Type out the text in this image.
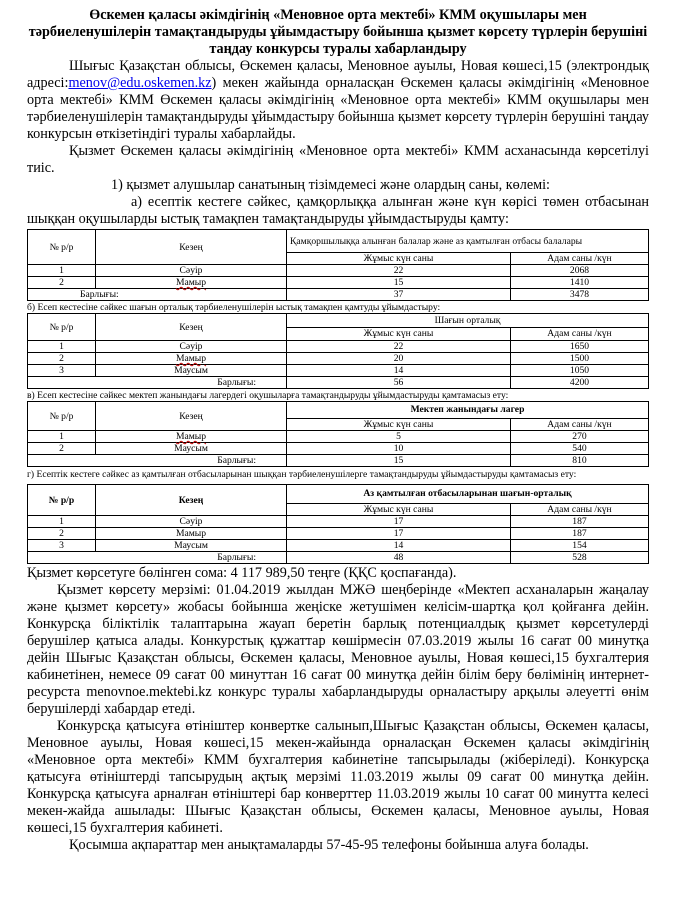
Өскемен қаласы әкімдігінің «Меновное орта мектебі» КММ оқушылары мен тәрбиеленушілерін тамақтандыруды ұйымдастыру бойынша қызмет көрсету түрлерін берушіні таңдау конкурсы туралы хабарландыру

Шығыс Қазақстан облысы, Өскемен қаласы, Меновное ауылы, Новая көшесі,15 (электрондық адресі:menov@edu.oskemen.kz) мекен жайында орналасқан Өскемен қаласы әкімдігінің «Меновное орта мектебі» КММ Өскемен қаласы әкімдігінің «Меновное орта мектебі» КММ оқушылары мен тәрбиеленушілерін тамақтандыруды ұйымдастыру бойынша қызмет көрсету түрлерін берушіні таңдау конкурсын өткізетіндігі туралы хабарлайды.

Қызмет Өскемен қаласы әкімдігінің «Меновное орта мектебі» КММ асханасында көрсетілуі тиіс.

1) қызмет алушылар санатының тізімдемесі және олардың саны, көлемі:

а) есептік кестеге сәйкес, қамқорлыққа алынған және күн көрісі төмен отбасынан шыққан оқушыларды ыстық тамақпен тамақтандыруды ұйымдастыруды қамту:

№ р/р	Кезең	Қамқоршылыққа алынған балалар және аз қамтылған отбасы балалары	
		Жұмыс күн саны	Адам саны /күн
1	Сәуір	22	2068
2	Мамыр	15	1410
Барлығы:		37	3478
б) Есеп кестесіне сәйкес шағын орталық тәрбиеленушілерін ыстық тамақпен қамтуды ұйымдастыру:
№ р/р	Кезең	Шағын орталық	
		Жұмыс күн саны	Адам саны /күн
1	Сәуір	22	1650
2	Мамыр	20	1500
3	Маусым	14	1050
Барлығы:		56	4200
в) Есеп кестесіне сәйкес мектеп жанындағы лагердегі оқушыларға тамақтандыруды ұйымдастыруды қамтамасыз ету:
№ р/р	Кезең	Мектеп жанындағы лагер	
		Жұмыс күн саны	Адам саны /күн
1	Мамыр	5	270
2	Маусым	10	540
Барлығы:		15	810
г) Есептік кестеге сәйкес аз қамтылған отбасыларынан шыққан тәрбиеленушілерге тамақтандыруды ұйымдастыруды қамтамасыз ету:
№ р/р	Кезең	Аз қамтылған отбасыларынан шағын-орталық	
		Жұмыс күн саны	Адам саны /күн
1	Сәуір	17	187
2	Мамыр	17	187
3	Маусым	14	154
Барлығы:		48	528

Қызмет көрсетуге бөлінген сома: 4 117 989,50 теңге (ҚҚС қоспағанда).

Қызмет көрсету мерзімі: 01.04.2019 жылдан МЖӘ шеңберінде «Мектеп асханаларын жаңалау және қызмет көрсету» жобасы бойынша жеңіске жетушімен келісім-шартқа қол қойғанға дейін. Конкурсқа біліктілік талаптарына жауап беретін барлық потенциалдық қызмет көрсетулерді берушілер қатыса алады. Конкурстық құжаттар көшірмесін 07.03.2019 жылы 16 сағат 00 минутқа дейін Шығыс Қазақстан облысы, Өскемен қаласы, Меновное ауылы, Новая көшесі,15 бухгалтерия кабинетінен, немесе 09 сағат 00 минуттан 16 сағат 00 минутқа дейін білім беру бөлімінің интернет-ресурста menovnoe.mektebi.kz конкурс туралы хабарландыруды орналастыру арқылы әлеуетті өнім берушілерді хабардар етеді.

Конкурсқа қатысуға өтініштер конвертке салынып,Шығыс Қазақстан облысы, Өскемен қаласы, Меновное ауылы, Новая көшесі,15 мекен-жайында орналасқан Өскемен қаласы әкімдігінің «Меновное орта мектебі» КММ бухгалтерия кабинетіне тапсырылады (жіберіледі). Конкурсқа қатысуға өтініштерді тапсырудың ақтық мерзімі 11.03.2019 жылы 09 сағат 00 минутқа дейін. Конкурсқа қатысуға арналған өтініштері бар конверттер 11.03.2019 жылы 10 сағат 00 минутта келесі мекен-жайда ашылады: Шығыс Қазақстан облысы, Өскемен қаласы, Меновное ауылы, Новая көшесі,15 бухгалтерия кабинеті.

Қосымша ақпараттар мен анықтамаларды 57-45-95 телефоны бойынша алуға болады.
